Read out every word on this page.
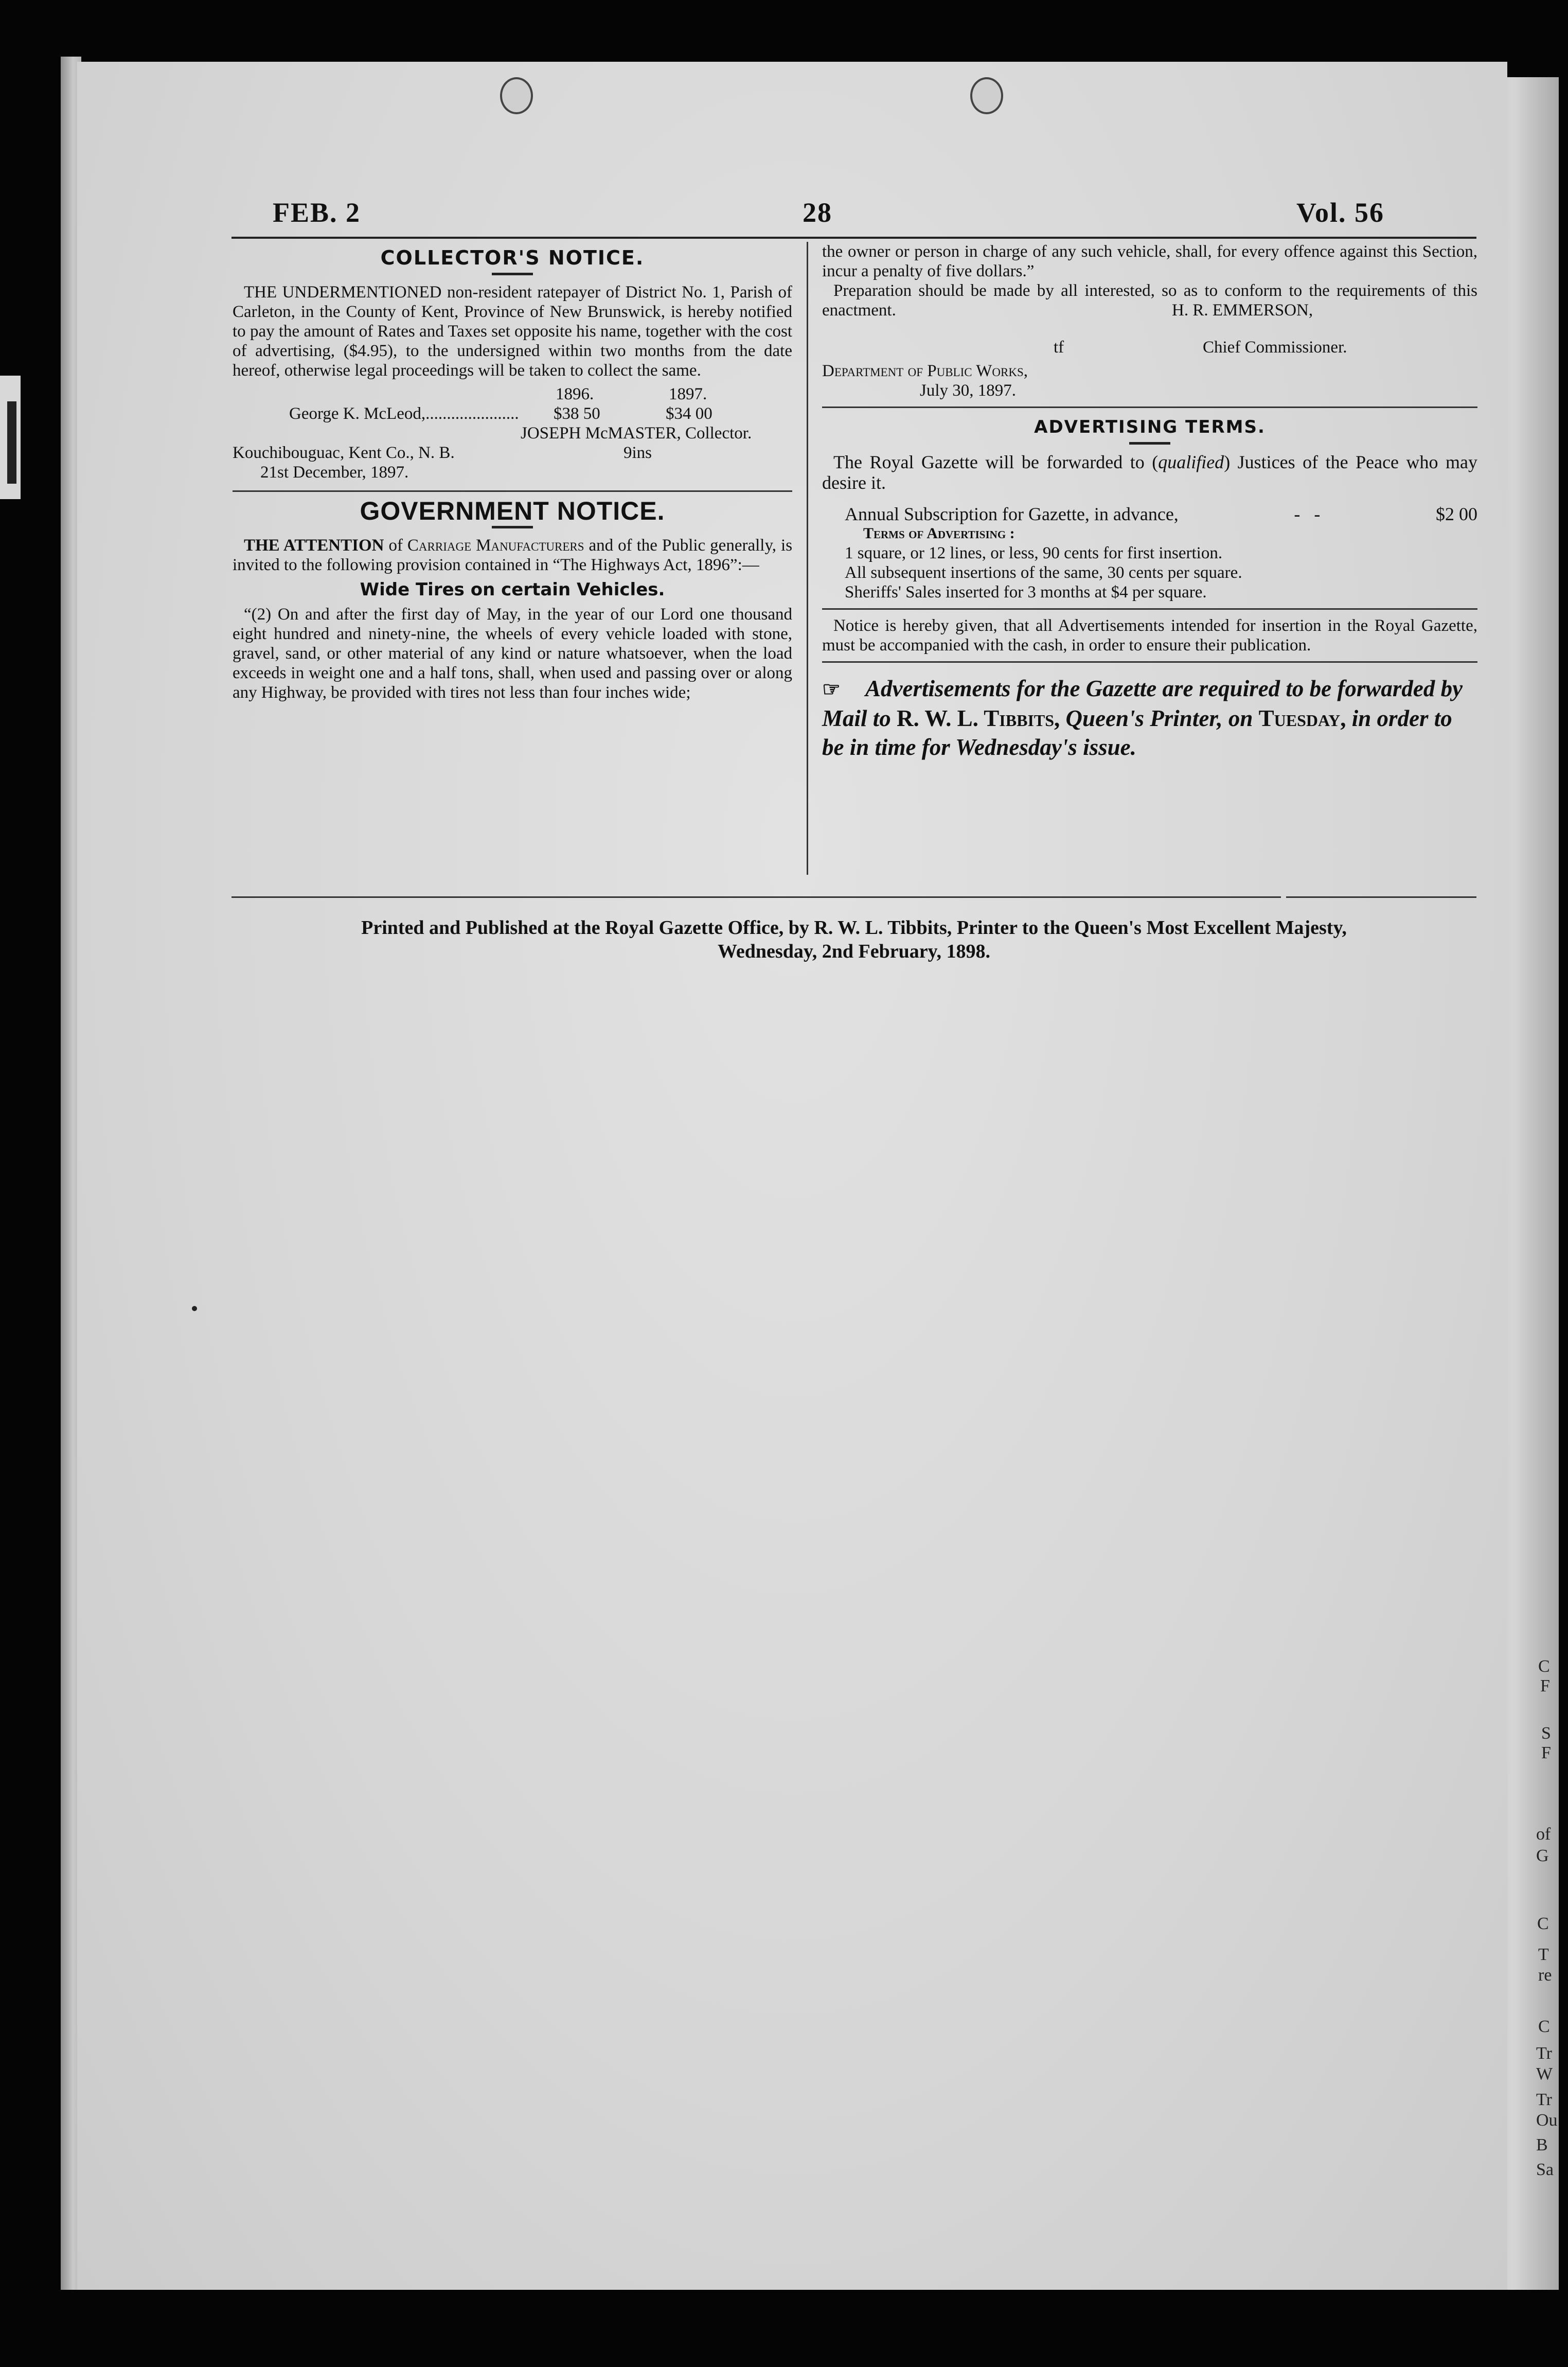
C
F
S
F
of
G
C
T
re
C
Tr
W
Tr
Ou
B
Sa
FEB. 2	28	Vol. 56
COLLECTOR'S NOTICE.

THE UNDERMENTIONED non-resident ratepayer of District No. 1, Parish of Carleton, in the County of Kent, Province of New Brunswick, is hereby notified to pay the amount of Rates and Taxes set opposite his name, together with the cost of advertising, ($4.95), to the undersigned within two months from the date hereof, otherwise legal proceedings will be taken to collect the same.

1896.	1897.
George K. McLeod,...................... $38 50	$34 00
JOSEPH McMASTER, Collector.
Kouchibouguac, Kent Co., N. B.	9ins
21st December, 1897.
GOVERNMENT NOTICE.

THE ATTENTION of Carriage Manufacturers and of the Public generally, is invited to the following provision contained in “The Highways Act, 1896”:—

Wide Tires on certain Vehicles.

“(2) On and after the first day of May, in the year of our Lord one thousand eight hundred and ninety-nine, the wheels of every vehicle loaded with stone, gravel, sand, or other material of any kind or nature whatsoever, when the load exceeds in weight one and a half tons, shall, when used and passing over or along any Highway, be provided with tires not less than four inches wide;

the owner or person in charge of any such vehicle, shall, for every offence against this Section, incur a penalty of five dollars.”

Preparation should be made by all interested, so as to conform to the requirements of this enactment.	H. R. EMMERSON,
tf	Chief Commissioner.

Department of Public Works,

July 30, 1897.

ADVERTISING TERMS.

The Royal Gazette will be forwarded to (qualified) Justices of the Peace who may desire it.

Annual Subscription for Gazette, in advance,	-   -	$2 00

Terms of Advertising :

1 square, or 12 lines, or less, 90 cents for first insertion.

All subsequent insertions of the same, 30 cents per square.

Sheriffs' Sales inserted for 3 months at $4 per square.

Notice is hereby given, that all Advertisements intended for insertion in the Royal Gazette, must be accompanied with the cash, in order to ensure their publication.

☞ Advertisements for the Gazette are required to be forwarded by Mail to R. W. L. Tibbits, Queen's Printer, on Tuesday, in order to be in time for Wednesday's issue.

Printed and Published at the Royal Gazette Office, by R. W. L. Tibbits, Printer to the Queen's Most Excellent Majesty,
Wednesday, 2nd February, 1898.
